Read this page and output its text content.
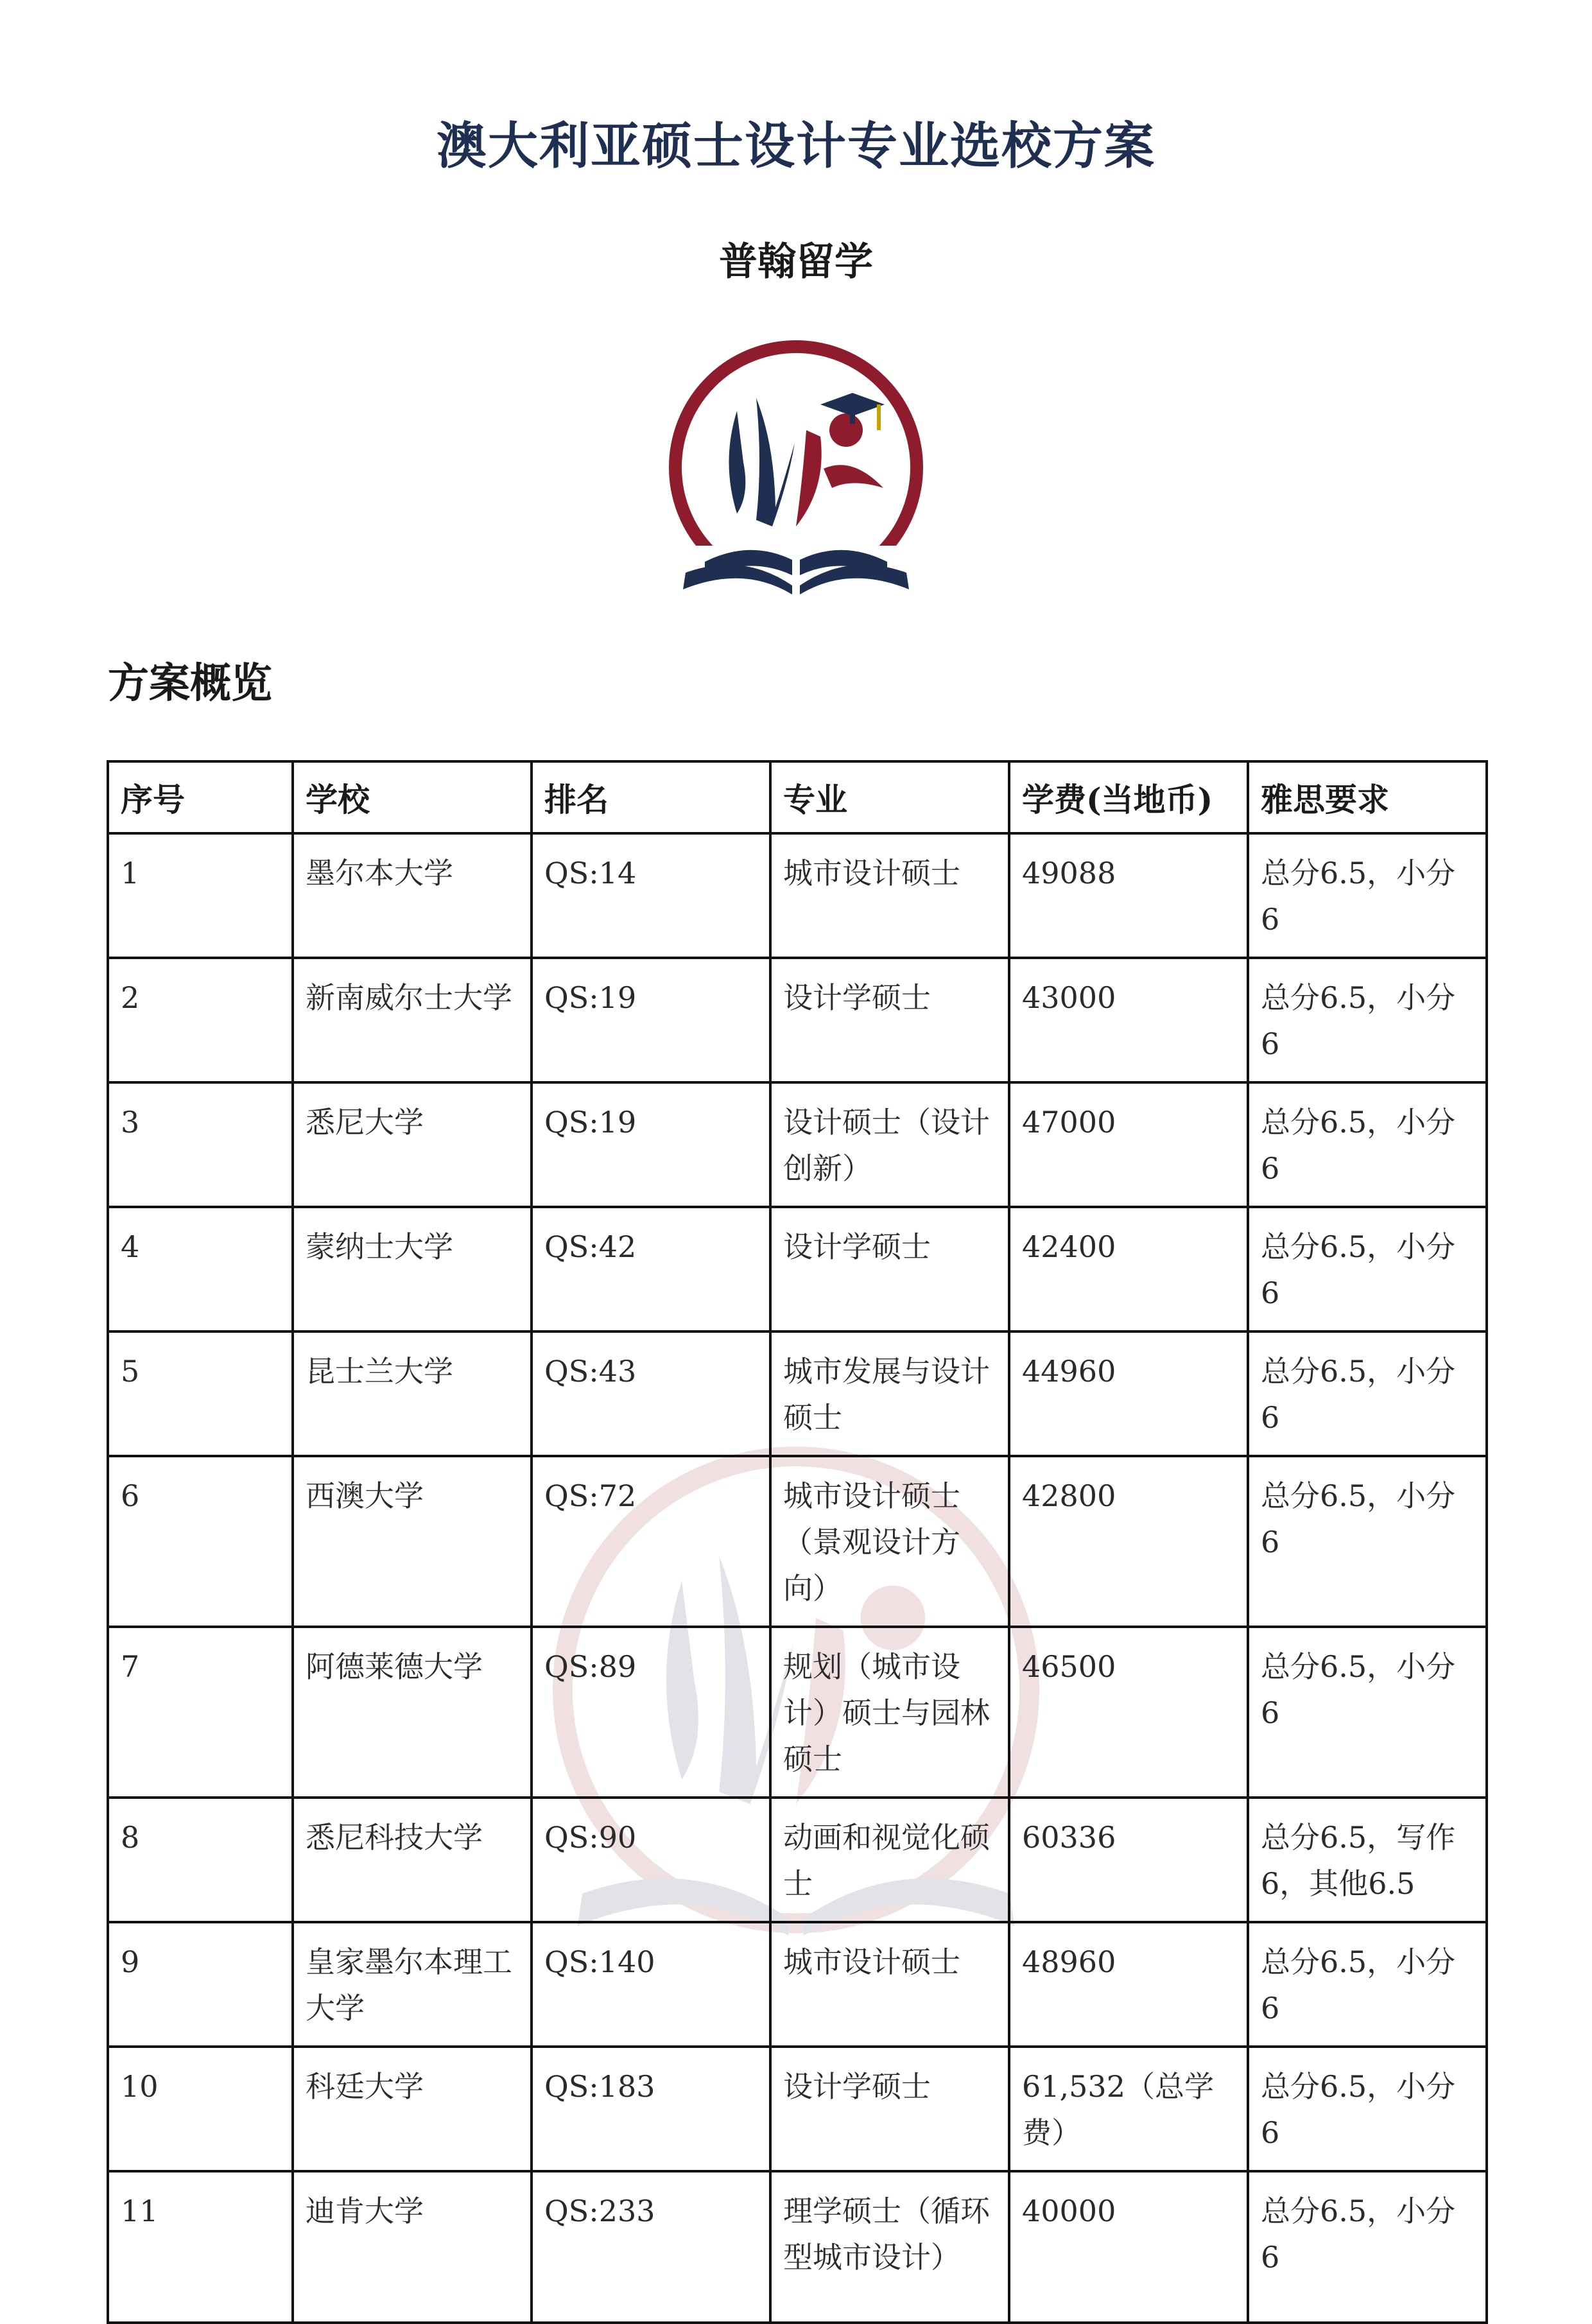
澳大利亚硕士设计专业选校方案
普翰留学
方案概览
序号	学校	排名	专业	学费(当地币)	雅思要求
1	墨尔本大学	QS:14	城市设计硕士	49088	总分6.5，小分6
2	新南威尔士大学	QS:19	设计学硕士	43000	总分6.5，小分6
3	悉尼大学	QS:19	设计硕士（设计创新）	47000	总分6.5，小分6
4	蒙纳士大学	QS:42	设计学硕士	42400	总分6.5，小分6
5	昆士兰大学	QS:43	城市发展与设计硕士	44960	总分6.5，小分6
6	西澳大学	QS:72	城市设计硕士（景观设计方向）	42800	总分6.5，小分6
7	阿德莱德大学	QS:89	规划（城市设计）硕士与园林硕士	46500	总分6.5，小分6
8	悉尼科技大学	QS:90	动画和视觉化硕士	60336	总分6.5，写作6，其他6.5
9	皇家墨尔本理工大学	QS:140	城市设计硕士	48960	总分6.5，小分6
10	科廷大学	QS:183	设计学硕士	61,532（总学费）	总分6.5，小分6
11	迪肯大学	QS:233	理学硕士（循环型城市设计）	40000	总分6.5，小分6
